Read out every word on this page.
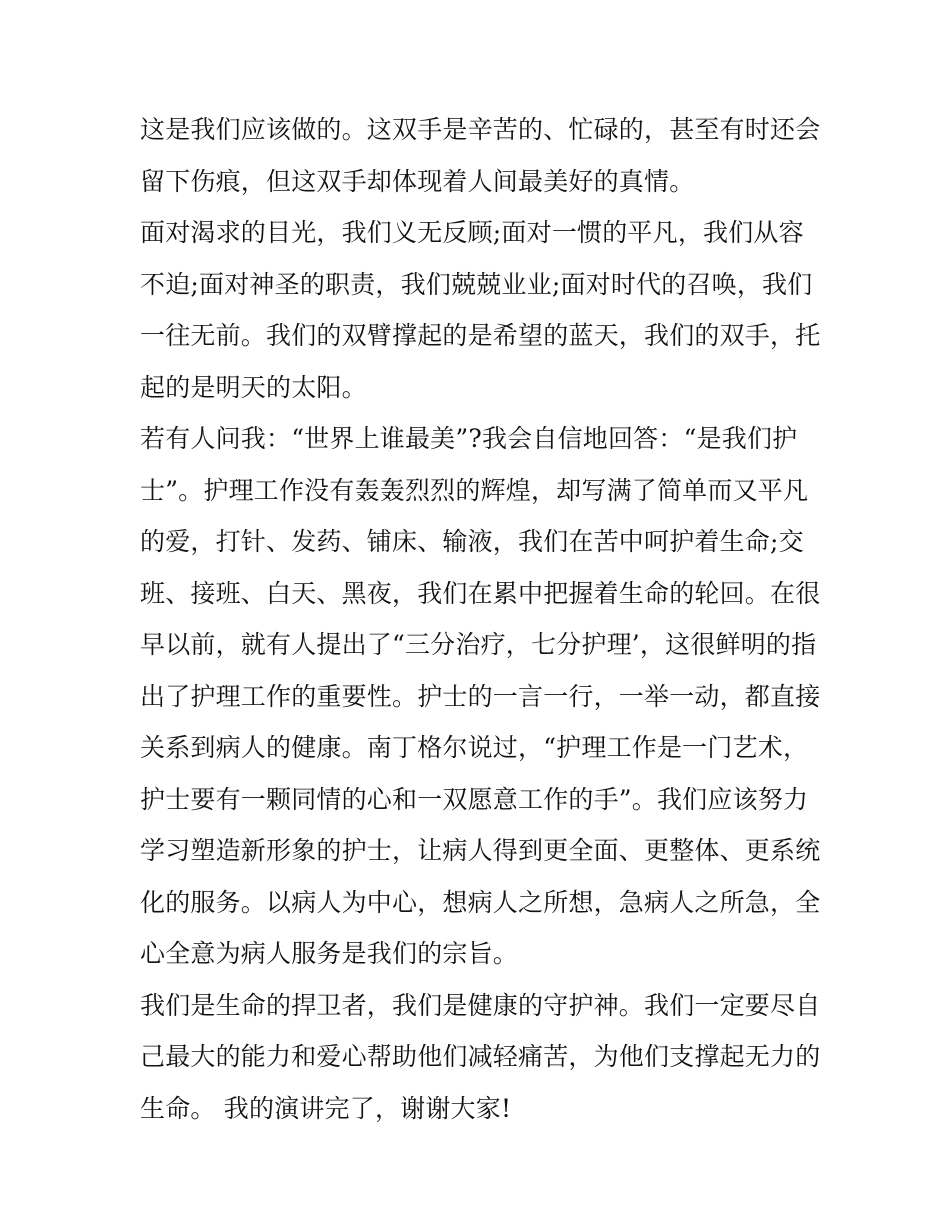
这是我们应该做的。这双手是辛苦的、忙碌的，甚至有时还会
留下伤痕，但这双手却体现着人间最美好的真情。
面对渴求的目光，我们义无反顾;面对一惯的平凡，我们从容
不迫;面对神圣的职责，我们兢兢业业;面对时代的召唤，我们
一往无前。我们的双臂撑起的是希望的蓝天，我们的双手，托
起的是明天的太阳。
若有人问我：“世界上谁最美”?我会自信地回答：“是我们护
士”。护理工作没有轰轰烈烈的辉煌，却写满了简单而又平凡
的爱，打针、发药、铺床、输液，我们在苦中呵护着生命;交
班、接班、白天、黑夜，我们在累中把握着生命的轮回。在很
早以前，就有人提出了“三分治疗，七分护理’，这很鲜明的指
出了护理工作的重要性。护士的一言一行，一举一动，都直接
关系到病人的健康。南丁格尔说过，“护理工作是一门艺术，
护士要有一颗同情的心和一双愿意工作的手”。我们应该努力
学习塑造新形象的护士，让病人得到更全面、更整体、更系统
化的服务。以病人为中心，想病人之所想，急病人之所急，全
心全意为病人服务是我们的宗旨。
我们是生命的捍卫者，我们是健康的守护神。我们一定要尽自
己最大的能力和爱心帮助他们减轻痛苦，为他们支撑起无力的
生命。 我的演讲完了，谢谢大家!
